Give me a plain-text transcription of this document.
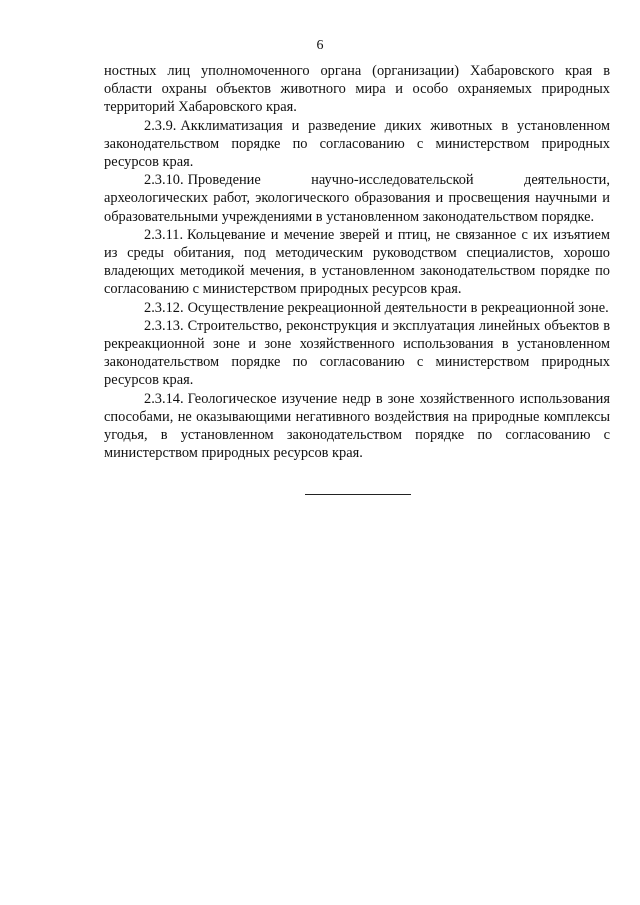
6

ностных лиц уполномоченного органа (организации) Хабаровского края в области охраны объектов животного мира и особо охраняемых природных территорий Хабаровского края.

2.3.9. Акклиматизация и разведение диких животных в установленном законодательством порядке по согласованию с министерством природных ресурсов края.

2.3.10. Проведение научно-исследовательской деятельности, археологических работ, экологического образования и просвещения научными и образовательными учреждениями в установленном законодательством порядке.

2.3.11. Кольцевание и мечение зверей и птиц, не связанное с их изъятием из среды обитания, под методическим руководством специалистов, хорошо владеющих методикой мечения, в установленном законодательством порядке по согласованию с министерством природных ресурсов края.

2.3.12. Осуществление рекреационной деятельности в рекреационной зоне.

2.3.13. Строительство, реконструкция и эксплуатация линейных объектов в рекреакционной зоне и зоне хозяйственного использования в установленном законодательством порядке по согласованию с министерством природных ресурсов края.

2.3.14. Геологическое изучение недр в зоне хозяйственного использования способами, не оказывающими негативного воздействия на природные комплексы угодья, в установленном законодательством порядке по согласованию с министерством природных ресурсов края.
